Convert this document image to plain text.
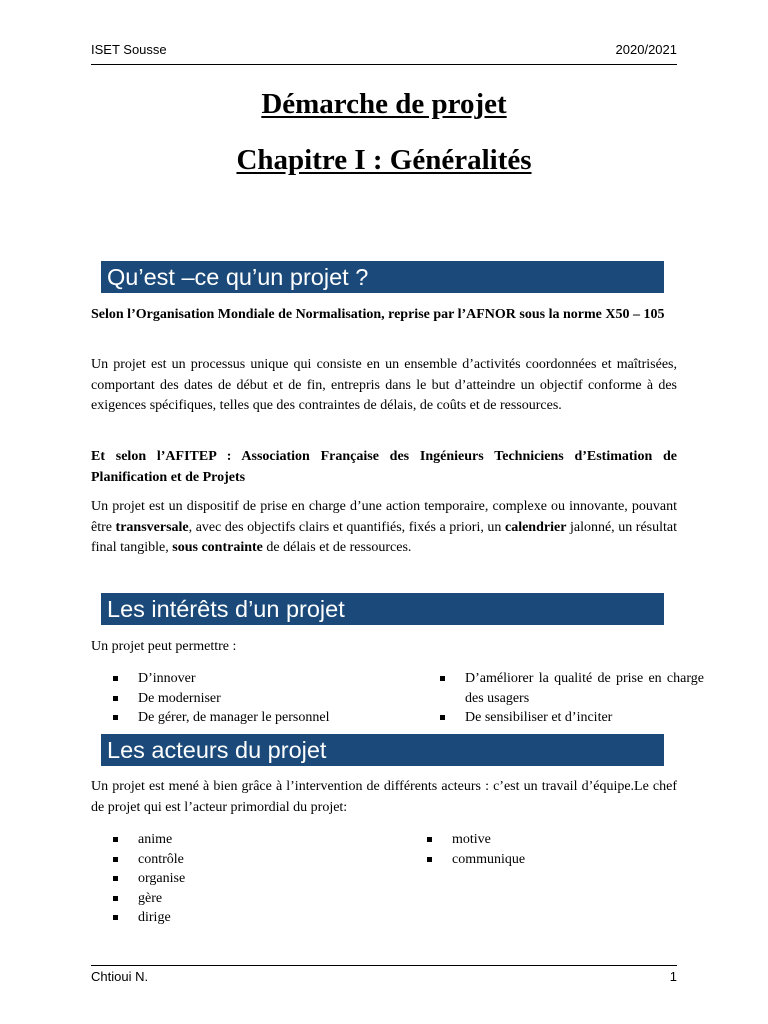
ISET Sousse	2020/2021
Démarche de projet
Chapitre I : Généralités
Qu’est –ce qu’un projet ?

Selon l’Organisation Mondiale de Normalisation, reprise par l’AFNOR sous la norme X50 – 105

Un projet est un processus unique qui consiste en un ensemble d’activités coordonnées et maîtrisées, comportant des dates de début et de fin, entrepris dans le but d’atteindre un objectif conforme à des exigences spécifiques, telles que des contraintes de délais, de coûts et de ressources.

Et selon l’AFITEP : Association Française des Ingénieurs Techniciens d’Estimation de Planification et de Projets

Un projet est un dispositif de prise en charge d’une action temporaire, complexe ou innovante, pouvant être transversale, avec des objectifs clairs et quantifiés, fixés a priori, un calendrier jalonné, un résultat final tangible, sous contrainte de délais et de ressources.

Les intérêts d’un projet

Un projet peut permettre :

D’innover
De moderniser
De gérer, de manager le personnel
D’améliorer la qualité de prise en charge des usagers
De sensibiliser et d’inciter
Les acteurs du projet

Un projet est mené à bien grâce à l’intervention de différents acteurs : c’est un travail d’équipe.Le chef de projet qui est l’acteur primordial du projet:

anime
contrôle
organise
gère
dirige
motive
communique
Chtioui N.	1
